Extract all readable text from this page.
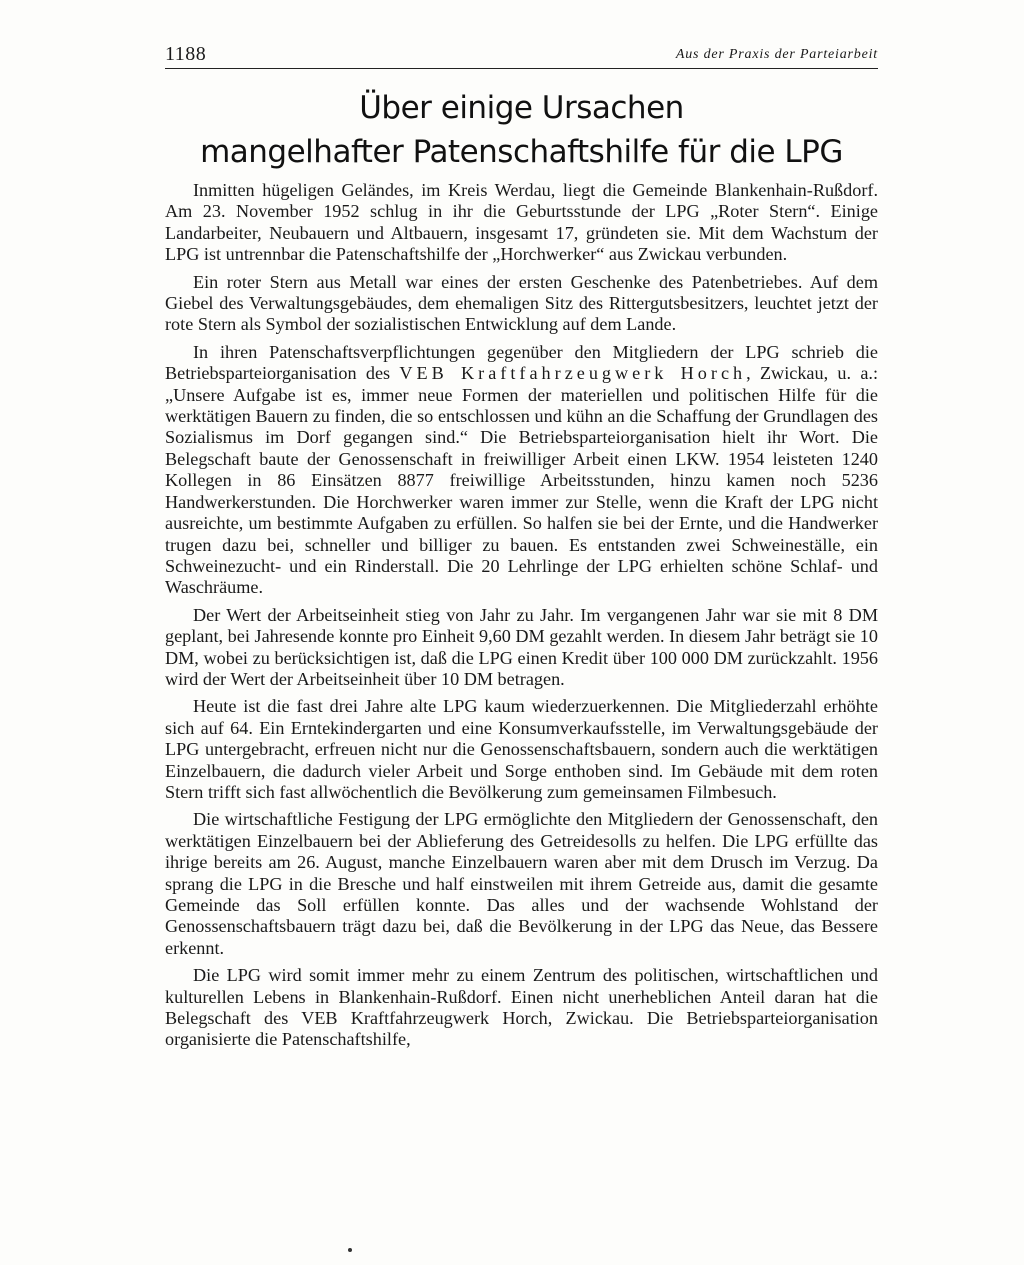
1188	Aus der Praxis der Parteiarbeit
Über einige Ursachen
mangelhafter Patenschaftshilfe für die LPG

Inmitten hügeligen Geländes, im Kreis Werdau, liegt die Gemeinde Blankenhain-Rußdorf. Am 23. November 1952 schlug in ihr die Geburtsstunde der LPG „Roter Stern“. Einige Landarbeiter, Neubauern und Altbauern, insgesamt 17, gründeten sie. Mit dem Wachstum der LPG ist untrennbar die Patenschaftshilfe der „Horchwerker“ aus Zwickau verbunden.

Ein roter Stern aus Metall war eines der ersten Geschenke des Patenbetriebes. Auf dem Giebel des Verwaltungsgebäudes, dem ehemaligen Sitz des Rittergutsbesitzers, leuchtet jetzt der rote Stern als Symbol der sozialistischen Entwicklung auf dem Lande.

In ihren Patenschaftsverpflichtungen gegenüber den Mitgliedern der LPG schrieb die Betriebsparteiorganisation des VEB Kraftfahrzeugwerk Horch, Zwickau, u. a.: „Unsere Aufgabe ist es, immer neue Formen der materiellen und politischen Hilfe für die werktätigen Bauern zu finden, die so entschlossen und kühn an die Schaffung der Grundlagen des Sozialismus im Dorf gegangen sind.“ Die Betriebsparteiorganisation hielt ihr Wort. Die Belegschaft baute der Genossenschaft in freiwilliger Arbeit einen LKW. 1954 leisteten 1240 Kollegen in 86 Einsätzen 8877 freiwillige Arbeitsstunden, hinzu kamen noch 5236 Handwerkerstunden. Die Horchwerker waren immer zur Stelle, wenn die Kraft der LPG nicht ausreichte, um bestimmte Aufgaben zu erfüllen. So halfen sie bei der Ernte, und die Handwerker trugen dazu bei, schneller und billiger zu bauen. Es entstanden zwei Schweineställe, ein Schweinezucht- und ein Rinderstall. Die 20 Lehrlinge der LPG erhielten schöne Schlaf- und Waschräume.

Der Wert der Arbeitseinheit stieg von Jahr zu Jahr. Im vergangenen Jahr war sie mit 8 DM geplant, bei Jahresende konnte pro Einheit 9,60 DM gezahlt werden. In diesem Jahr beträgt sie 10 DM, wobei zu berücksichtigen ist, daß die LPG einen Kredit über 100 000 DM zurückzahlt. 1956 wird der Wert der Arbeitseinheit über 10 DM betragen.

Heute ist die fast drei Jahre alte LPG kaum wiederzuerkennen. Die Mitgliederzahl erhöhte sich auf 64. Ein Erntekindergarten und eine Konsumverkaufsstelle, im Verwaltungsgebäude der LPG untergebracht, erfreuen nicht nur die Genossenschaftsbauern, sondern auch die werktätigen Einzelbauern, die dadurch vieler Arbeit und Sorge enthoben sind. Im Gebäude mit dem roten Stern trifft sich fast allwöchentlich die Bevölkerung zum gemeinsamen Filmbesuch.

Die wirtschaftliche Festigung der LPG ermöglichte den Mitgliedern der Genossenschaft, den werktätigen Einzelbauern bei der Ablieferung des Getreidesolls zu helfen. Die LPG erfüllte das ihrige bereits am 26. August, manche Einzelbauern waren aber mit dem Drusch im Verzug. Da sprang die LPG in die Bresche und half einstweilen mit ihrem Getreide aus, damit die gesamte Gemeinde das Soll erfüllen konnte. Das alles und der wachsende Wohlstand der Genossenschaftsbauern trägt dazu bei, daß die Bevölkerung in der LPG das Neue, das Bessere erkennt.

Die LPG wird somit immer mehr zu einem Zentrum des politischen, wirtschaftlichen und kulturellen Lebens in Blankenhain-Rußdorf. Einen nicht unerheblichen Anteil daran hat die Belegschaft des VEB Kraftfahrzeugwerk Horch, Zwickau. Die Betriebsparteiorganisation organisierte die Patenschaftshilfe,
